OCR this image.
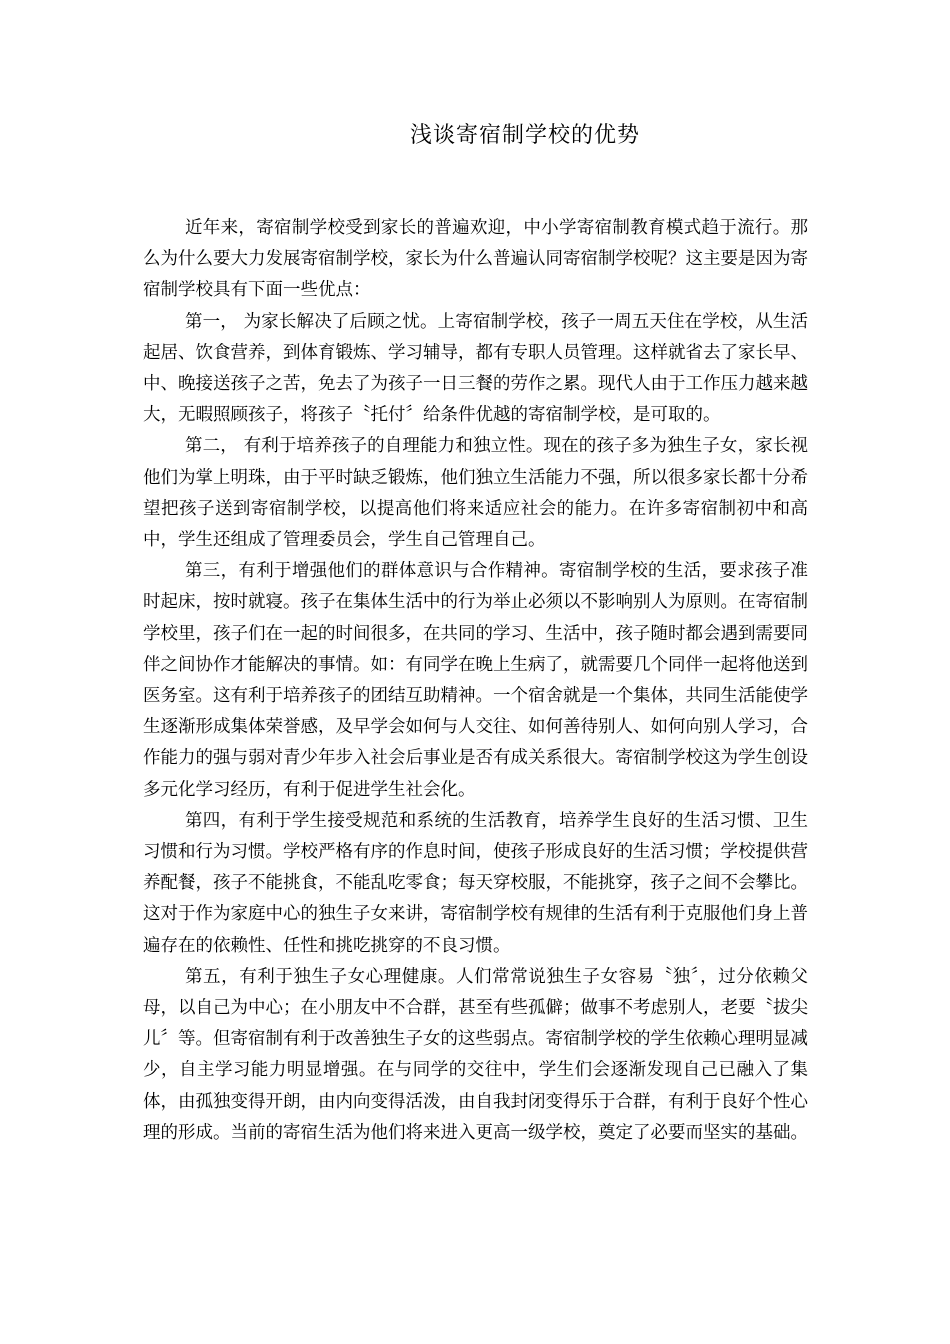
浅谈寄宿制学校的优势

近年来，寄宿制学校受到家长的普遍欢迎，中小学寄宿制教育模式趋于流行。那么为什么要大力发展寄宿制学校，家长为什么普遍认同寄宿制学校呢？这主要是因为寄宿制学校具有下面一些优点：

第一， 为家长解决了后顾之忧。上寄宿制学校，孩子一周五天住在学校，从生活起居、饮食营养，到体育锻炼、学习辅导，都有专职人员管理。这样就省去了家长早、中、晚接送孩子之苦，免去了为孩子一日三餐的劳作之累。现代人由于工作压力越来越大，无暇照顾孩子，将孩子〝托付〞给条件优越的寄宿制学校，是可取的。

第二， 有利于培养孩子的自理能力和独立性。现在的孩子多为独生子女，家长视他们为掌上明珠，由于平时缺乏锻炼，他们独立生活能力不强，所以很多家长都十分希望把孩子送到寄宿制学校，以提高他们将来适应社会的能力。在许多寄宿制初中和高中，学生还组成了管理委员会，学生自己管理自己。

第三，有利于增强他们的群体意识与合作精神。寄宿制学校的生活，要求孩子准时起床，按时就寝。孩子在集体生活中的行为举止必须以不影响别人为原则。在寄宿制学校里，孩子们在一起的时间很多，在共同的学习、生活中，孩子随时都会遇到需要同伴之间协作才能解决的事情。如：有同学在晚上生病了，就需要几个同伴一起将他送到医务室。这有利于培养孩子的团结互助精神。一个宿舍就是一个集体，共同生活能使学生逐渐形成集体荣誉感，及早学会如何与人交往、如何善待别人、如何向别人学习，合作能力的强与弱对青少年步入社会后事业是否有成关系很大。寄宿制学校这为学生创设多元化学习经历，有利于促进学生社会化。

第四，有利于学生接受规范和系统的生活教育，培养学生良好的生活习惯、卫生习惯和行为习惯。学校严格有序的作息时间，使孩子形成良好的生活习惯；学校提供营养配餐，孩子不能挑食，不能乱吃零食；每天穿校服，不能挑穿，孩子之间不会攀比。这对于作为家庭中心的独生子女来讲，寄宿制学校有规律的生活有利于克服他们身上普遍存在的依赖性、任性和挑吃挑穿的不良习惯。

第五，有利于独生子女心理健康。人们常常说独生子女容易〝独〞，过分依赖父母，以自己为中心；在小朋友中不合群，甚至有些孤僻；做事不考虑别人，老要〝拔尖儿〞等。但寄宿制有利于改善独生子女的这些弱点。寄宿制学校的学生依赖心理明显减少，自主学习能力明显增强。在与同学的交往中，学生们会逐渐发现自己已融入了集体，由孤独变得开朗，由内向变得活泼，由自我封闭变得乐于合群，有利于良好个性心理的形成。当前的寄宿生活为他们将来进入更高一级学校，奠定了必要而坚实的基础。
